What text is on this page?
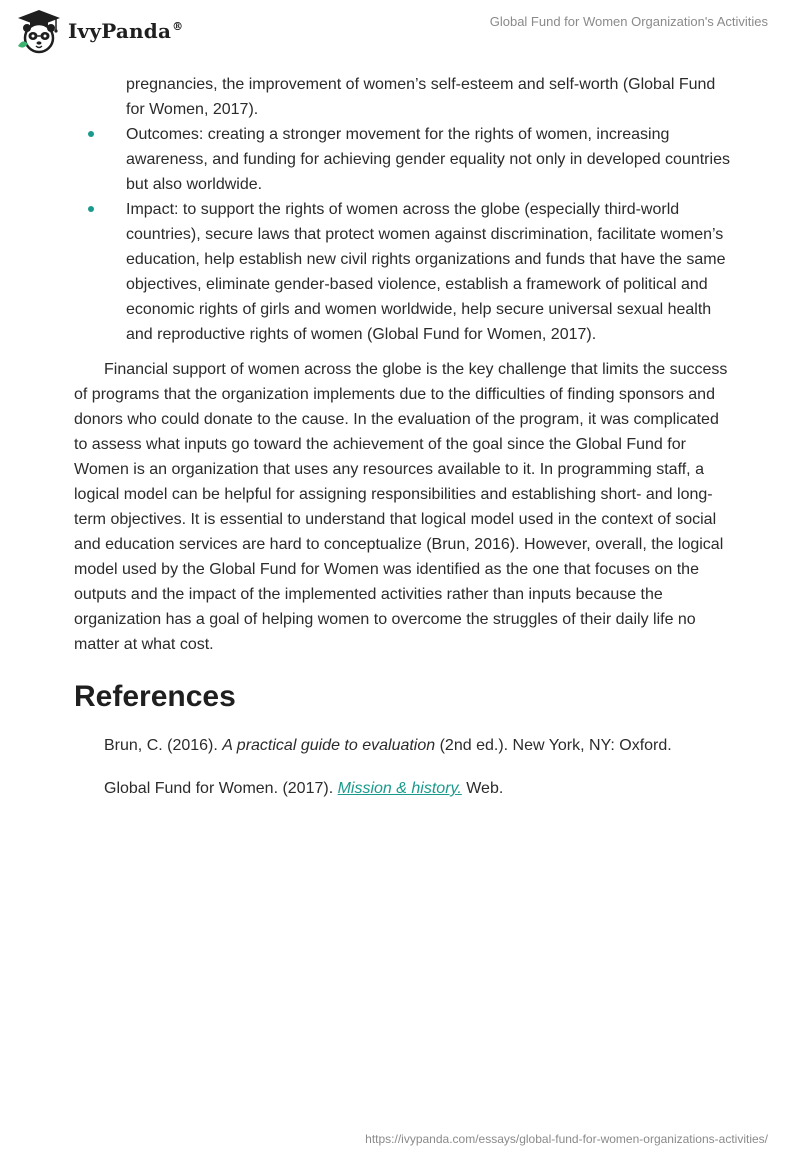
IvyPanda®	Global Fund for Women Organization's Activities

pregnancies, the improvement of women’s self-esteem and self-worth (Global Fund for Women, 2017).

Outcomes: creating a stronger movement for the rights of women, increasing awareness, and funding for achieving gender equality not only in developed countries but also worldwide.
Impact: to support the rights of women across the globe (especially third-world countries), secure laws that protect women against discrimination, facilitate women’s education, help establish new civil rights organizations and funds that have the same objectives, eliminate gender-based violence, establish a framework of political and economic rights of girls and women worldwide, help secure universal sexual health and reproductive rights of women (Global Fund for Women, 2017).

Financial support of women across the globe is the key challenge that limits the success of programs that the organization implements due to the difficulties of finding sponsors and donors who could donate to the cause. In the evaluation of the program, it was complicated to assess what inputs go toward the achievement of the goal since the Global Fund for Women is an organization that uses any resources available to it. In programming staff, a logical model can be helpful for assigning responsibilities and establishing short- and long-term objectives. It is essential to understand that logical model used in the context of social and education services are hard to conceptualize (Brun, 2016). However, overall, the logical model used by the Global Fund for Women was identified as the one that focuses on the outputs and the impact of the implemented activities rather than inputs because the organization has a goal of helping women to overcome the struggles of their daily life no matter at what cost.

References

Brun, C. (2016). A practical guide to evaluation (2nd ed.). New York, NY: Oxford.

Global Fund for Women. (2017). Mission & history. Web.

https://ivypanda.com/essays/global-fund-for-women-organizations-activities/
